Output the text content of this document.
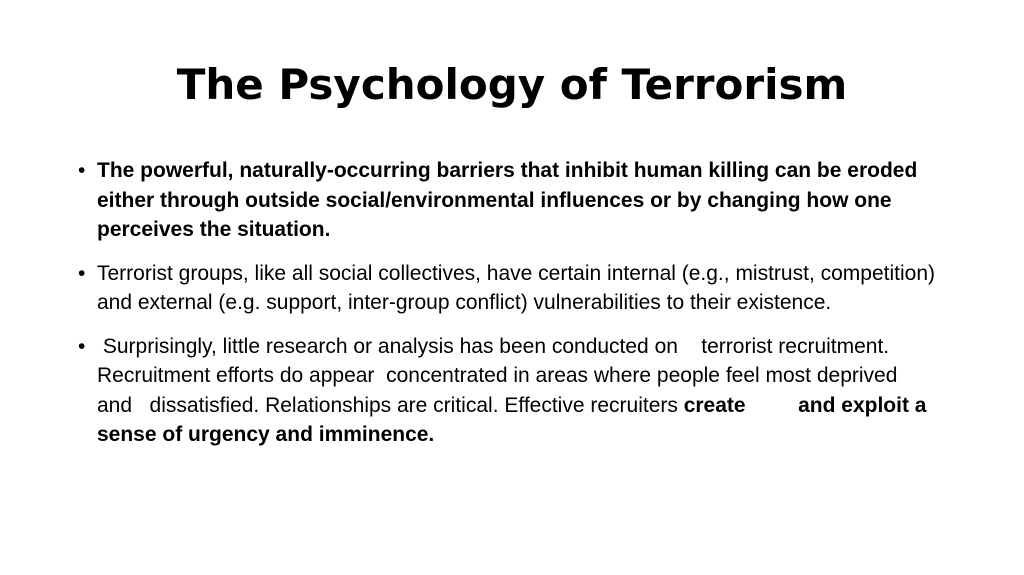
The Psychology of Terrorism
• The powerful, naturally-occurring barriers that inhibit human killing can be eroded either through outside social/environmental influences or by changing how one perceives the situation.
• Terrorist groups, like all social collectives, have certain internal (e.g., mistrust, competition) and external (e.g. support, inter-group conflict) vulnerabilities to their existence.
• Surprisingly, little research or analysis has been conducted on    terrorist recruitment. Recruitment efforts do appear  concentrated in areas where people feel most deprived and   dissatisfied. Relationships are critical. Effective recruiters create         and exploit a sense of urgency and imminence.
